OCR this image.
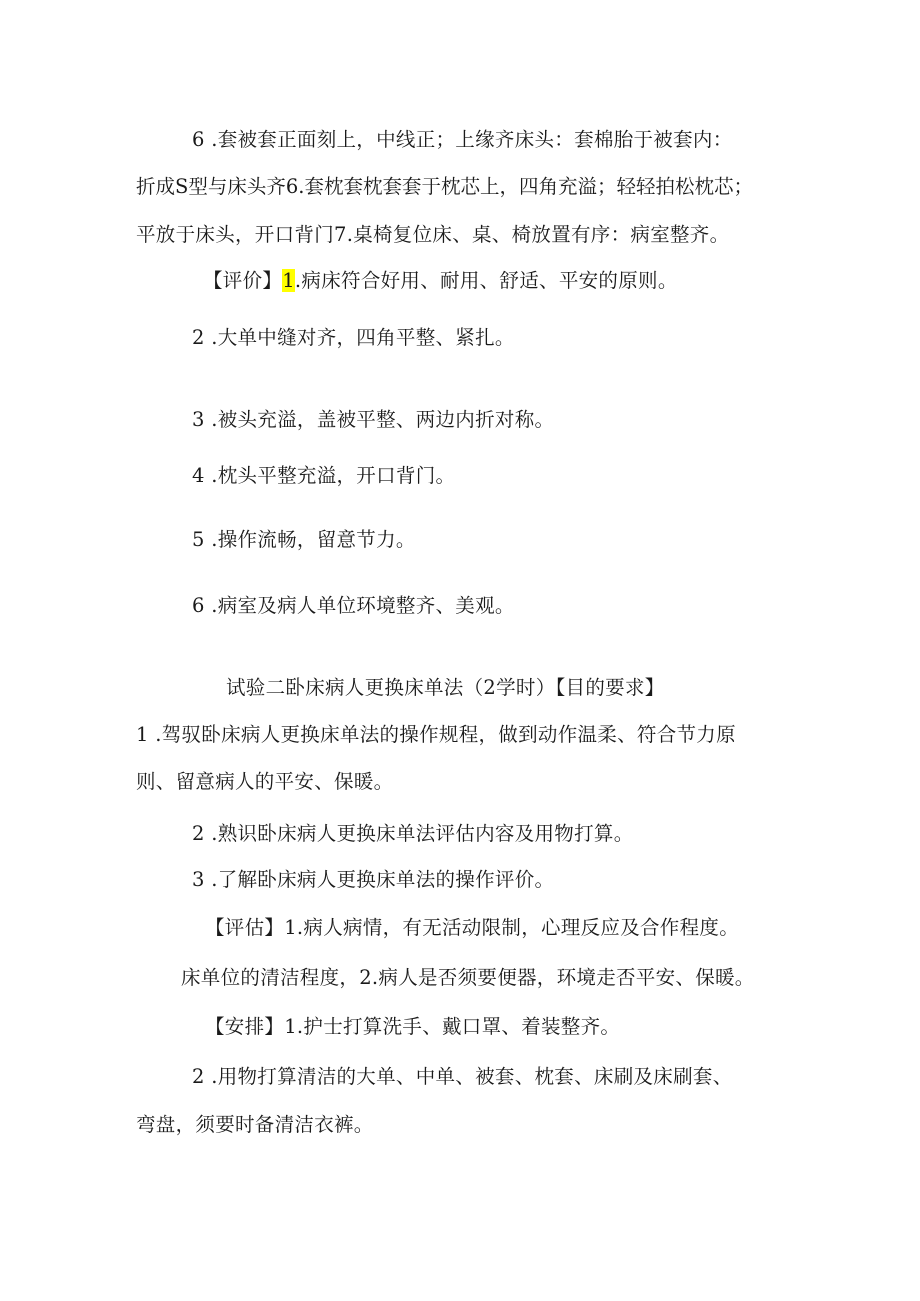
6 .套被套正面刻上，中线正；上缘齐床头：套棉胎于被套内：
折成S型与床头齐6.套枕套枕套套于枕芯上，四角充溢；轻轻拍松枕芯；
平放于床头，开口背门7.桌椅复位床、桌、椅放置有序：病室整齐。
【评价】1.病床符合好用、耐用、舒适、平安的原则。
2 .大单中缝对齐，四角平整、紧扎。
3 .被头充溢，盖被平整、两边内折对称。
4 .枕头平整充溢，开口背门。
5 .操作流畅，留意节力。
6 .病室及病人单位环境整齐、美观。
试验二卧床病人更换床单法（2学时）【目的要求】
1 .驾驭卧床病人更换床单法的操作规程，做到动作温柔、符合节力原
则、留意病人的平安、保暖。
2 .熟识卧床病人更换床单法评估内容及用物打算。
3 .了解卧床病人更换床单法的操作评价。
【评估】1.病人病情，有无活动限制，心理反应及合作程度。
床单位的清洁程度，2.病人是否须要便器，环境走否平安、保暖。
【安排】1.护士打算洗手、戴口罩、着装整齐。
2 .用物打算清洁的大单、中单、被套、枕套、床刷及床刷套、
弯盘，须要时备清洁衣裤。
